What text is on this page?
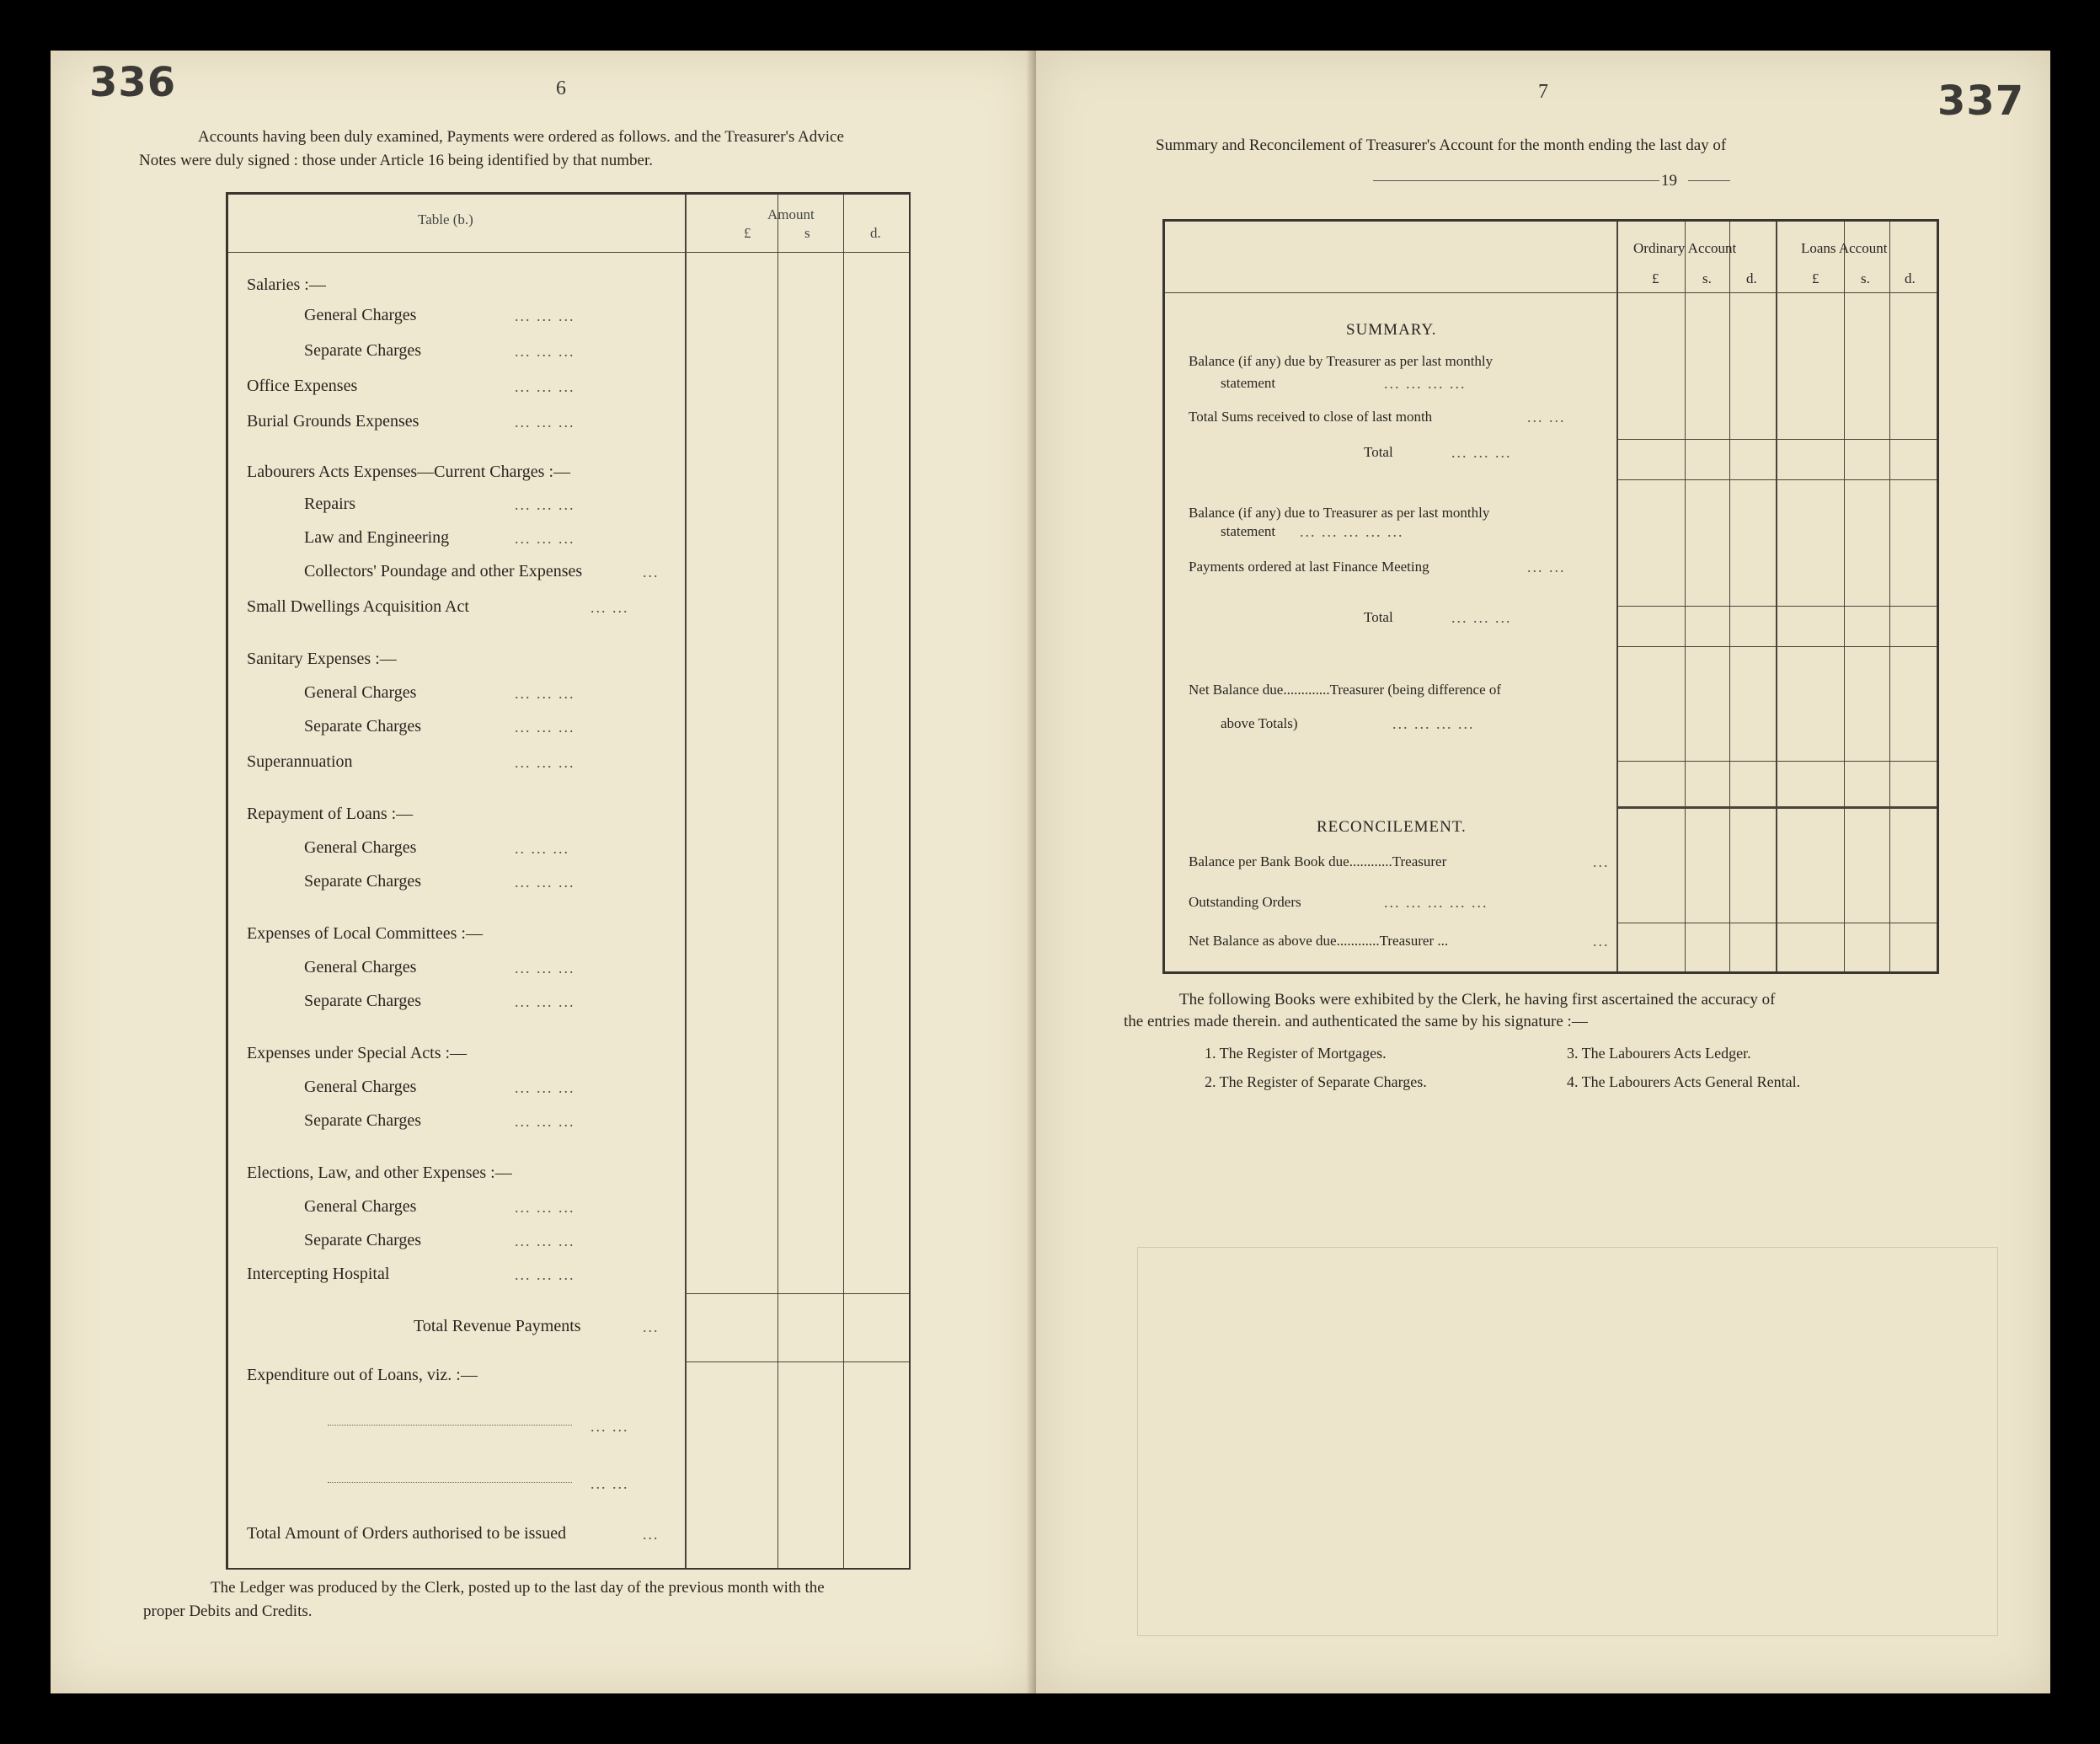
336	6
Accounts having been duly examined, Payments were ordered as follows. and the Treasurer's Advice
Notes were duly signed : those under Article 16 being identified by that number.
Table (b.)	Amount
£	s	d.
Salaries :—
General Charges	... ... ...
Separate Charges	... ... ...
Office Expenses	... ... ...
Burial Grounds Expenses	... ... ...
Labourers Acts Expenses—Current Charges :—
Repairs	... ... ...
Law and Engineering	... ... ...
Collectors' Poundage and other Expenses	...
Small Dwellings Acquisition Act	... ...
Sanitary Expenses :—
General Charges	... ... ...
Separate Charges	... ... ...
Superannuation	... ... ...
Repayment of Loans :—
General Charges	.. ... ...
Separate Charges	... ... ...
Expenses of Local Committees :—
General Charges	... ... ...
Separate Charges	... ... ...
Expenses under Special Acts :—
General Charges	... ... ...
Separate Charges	... ... ...
Elections, Law, and other Expenses :—
General Charges	... ... ...
Separate Charges	... ... ...
Intercepting Hospital	... ... ...
Total Revenue Payments	...
Expenditure out of Loans, viz. :—
... ...
... ...
Total Amount of Orders authorised to be issued	...
The Ledger was produced by the Clerk, posted up to the last day of the previous month with the
proper Debits and Credits.
7	337
Summary and Reconcilement of Treasurer's Account for the month ending the last day of
19
Ordinary Account	Loans Account
£	s. d.	£	s. d.
SUMMARY.
Balance (if any) due by Treasurer as per last monthly
statement	... ... ... ...
Total Sums received to close of last month	... ...
Total	... ... ...
Balance (if any) due to Treasurer as per last monthly
statement ... ... ... ... ...
Payments ordered at last Finance Meeting	... ...
Total	... ... ...
Net Balance due.............Treasurer (being difference of
above Totals)	... ... ... ...
RECONCILEMENT.
Balance per Bank Book due............Treasurer	...
Outstanding Orders	... ... ... ... ...
Net Balance as above due............Treasurer ...	...
The following Books were exhibited by the Clerk, he having first ascertained the accuracy of
the entries made therein. and authenticated the same by his signature :—
1. The Register of Mortgages.	3. The Labourers Acts Ledger.
2. The Register of Separate Charges.	4. The Labourers Acts General Rental.
